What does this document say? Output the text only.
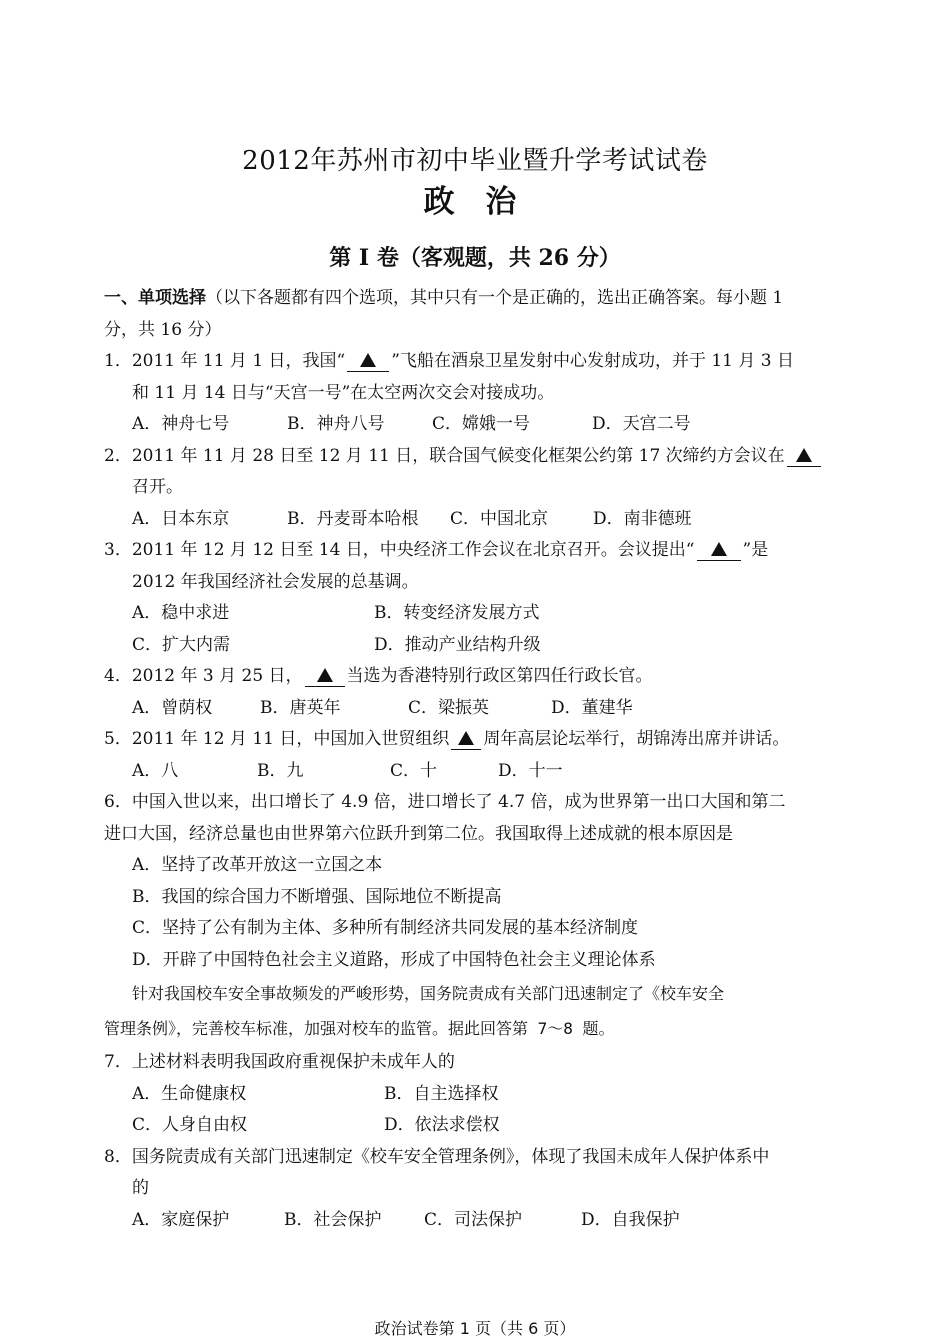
2012年苏州市初中毕业暨升学考试试卷
政 治
第 I 卷（客观题，共 26 分）
一、单项选择（以下各题都有四个选项，其中只有一个是正确的，选出正确答案。每小题 1
分，共 16 分）
1．2011 年 11 月 1 日，我国“	”飞船在酒泉卫星发射中心发射成功，并于 11 月 3 日
和 11 月 14 日与“天宫一号”在太空两次交会对接成功。
A．神舟七号	B．神舟八号	C．嫦娥一号	D．天宫二号
2．2011 年 11 月 28 日至 12 月 11 日，联合国气候变化框架公约第 17 次缔约方会议在
召开。
A．日本东京	B．丹麦哥本哈根	C．中国北京	D．南非德班
3．2011 年 12 月 12 日至 14 日，中央经济工作会议在北京召开。会议提出“	”是
2012 年我国经济社会发展的总基调。
A．稳中求进	B．转变经济发展方式
C．扩大内需	D．推动产业结构升级
4．2012 年 3 月 25 日，	当选为香港特别行政区第四任行政长官。
A．曾荫权	B．唐英年	C．梁振英	D．董建华
5．2011 年 12 月 11 日，中国加入世贸组织 周年高层论坛举行，胡锦涛出席并讲话。
A．八	B．九	C．十	D．十一
6．中国入世以来，出口增长了 4.9 倍，进口增长了 4.7 倍，成为世界第一出口大国和第二
进口大国，经济总量也由世界第六位跃升到第二位。我国取得上述成就的根本原因是
A．坚持了改革开放这一立国之本
B．我国的综合国力不断增强、国际地位不断提高
C．坚持了公有制为主体、多种所有制经济共同发展的基本经济制度
D．开辟了中国特色社会主义道路，形成了中国特色社会主义理论体系
针对我国校车安全事故频发的严峻形势，国务院责成有关部门迅速制定了《校车安全
管理条例》，完善校车标准，加强对校车的监管。据此回答第 7～8 题。
7．上述材料表明我国政府重视保护未成年人的
A．生命健康权	B．自主选择权
C．人身自由权	D．依法求偿权
8．国务院责成有关部门迅速制定《校车安全管理条例》，体现了我国未成年人保护体系中
的
A．家庭保护	B．社会保护	C．司法保护	D．自我保护
政治试卷第 1 页（共 6 页）
